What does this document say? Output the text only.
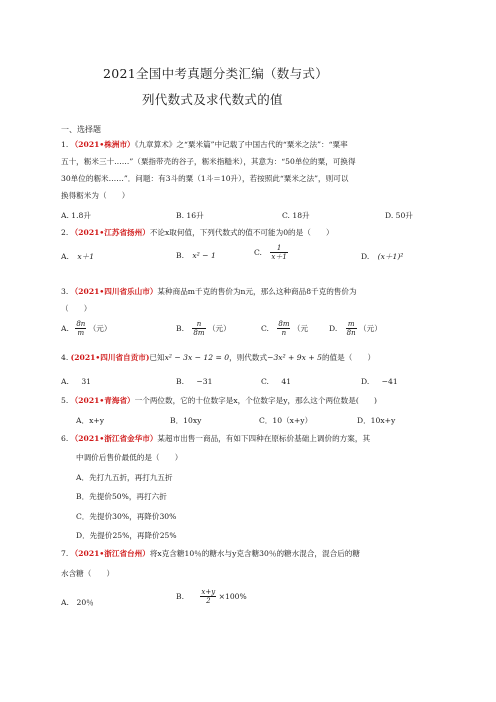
2021全国中考真题分类汇编（数与式）
列代数式及求代数式的值
一、选择题
1. （2021•株洲市）《九章算术》之“粟米篇”中记载了中国古代的“粟米之法”：“粟率
五十，粝米三十……”（粟指带壳的谷子，粝米指糙米），其意为：“50单位的粟，可换得
30单位的粝米……”．问题：有3斗的粟（1斗＝10升），若按照此“粟米之法”，则可以
换得粝米为（　　）
A. 1.8升	B. 16升	C. 18升	D. 50升
2. （2021•江苏省扬州）不论x取何值，下列代数式的值不可能为0的是（　　）
A. x＋1	B. x² − 1	C. $\frac{1}{x+1}$	D. (x＋1)²
3. （2021•四川省乐山市）某种商品m千克的售价为n元，那么这种商品8千克的售价为
（　　）
A. $\frac{8n}{m}$ （元）	B. $\frac{n}{8m}$ （元）	C. $\frac{8m}{n}$ （元	D. $\frac{m}{8n}$ （元）
4. (2021•四川省自贡市)已知x² − 3x − 12 = 0，则代数式−3x² + 9x + 5的值是（　　）
A. 31	B. −31	C. 41	D. −41
5. （2021•青海省）一个两位数，它的十位数字是x，个位数字是y，那么这个两位数是(　　)
A．x+y	B．10xy	C．10（x+y）	D．10x+y
6. （2021•浙江省金华市）某超市出售一商品，有如下四种在原标价基础上调价的方案，其
中调价后售价最低的是（　　）
A．先打九五折，再打九五折
B．先提价50%，再打六折
C．先提价30%，再降价30%
D．先提价25%，再降价25%
7. （2021•浙江省台州）将x克含糖10％的糖水与y克含糖30％的糖水混合，混合后的糖
水含糖（　　）
A.　20％
B. $\frac{x+y}{2} \times 100\%$
